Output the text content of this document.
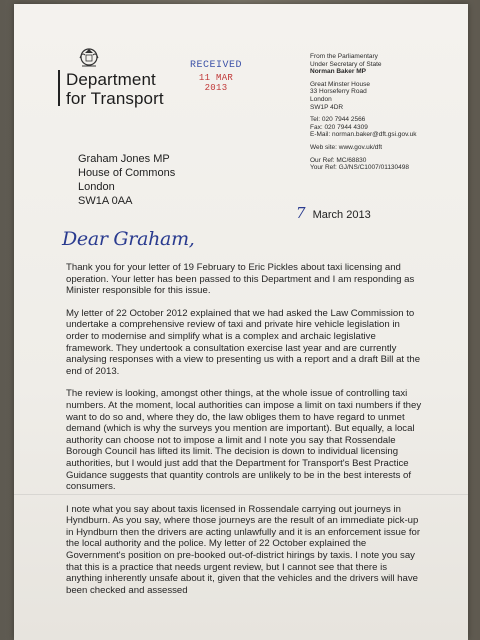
Department
for Transport
RECEIVED
11 MAR 2013
From the Parliamentary
Under Secretary of State
Norman Baker MP
Great Minster House
33 Horseferry Road
London
SW1P 4DR
Tel: 020 7944 2566
Fax: 020 7944 4309
E-Mail: norman.baker@dft.gsi.gov.uk
Web site: www.gov.uk/dft
Our Ref: MC/68830
Your Ref: GJ/NS/C1007/01130498
Graham Jones MP
House of Commons
London
SW1A 0AA
7 March 2013
Dear Graham,

Thank you for your letter of 19 February to Eric Pickles about taxi licensing and operation. Your letter has been passed to this Department and I am responding as Minister responsible for this issue.

My letter of 22 October 2012 explained that we had asked the Law Commission to undertake a comprehensive review of taxi and private hire vehicle legislation in order to modernise and simplify what is a complex and archaic legislative framework. They undertook a consultation exercise last year and are currently analysing responses with a view to presenting us with a report and a draft Bill at the end of 2013.

The review is looking, amongst other things, at the whole issue of controlling taxi numbers. At the moment, local authorities can impose a limit on taxi numbers if they want to do so and, where they do, the law obliges them to have regard to unmet demand (which is why the surveys you mention are important). But equally, a local authority can choose not to impose a limit and I note you say that Rossendale Borough Council has lifted its limit. The decision is down to individual licensing authorities, but I would just add that the Department for Transport's Best Practice Guidance suggests that quantity controls are unlikely to be in the best interests of consumers.

I note what you say about taxis licensed in Rossendale carrying out journeys in Hyndburn. As you say, where those journeys are the result of an immediate pick-up in Hyndburn then the drivers are acting unlawfully and it is an enforcement issue for the local authority and the police. My letter of 22 October explained the Government's position on pre-booked out-of-district hirings by taxis. I note you say that this is a practice that needs urgent review, but I cannot see that there is anything inherently unsafe about it, given that the vehicles and the drivers will have been checked and assessed
